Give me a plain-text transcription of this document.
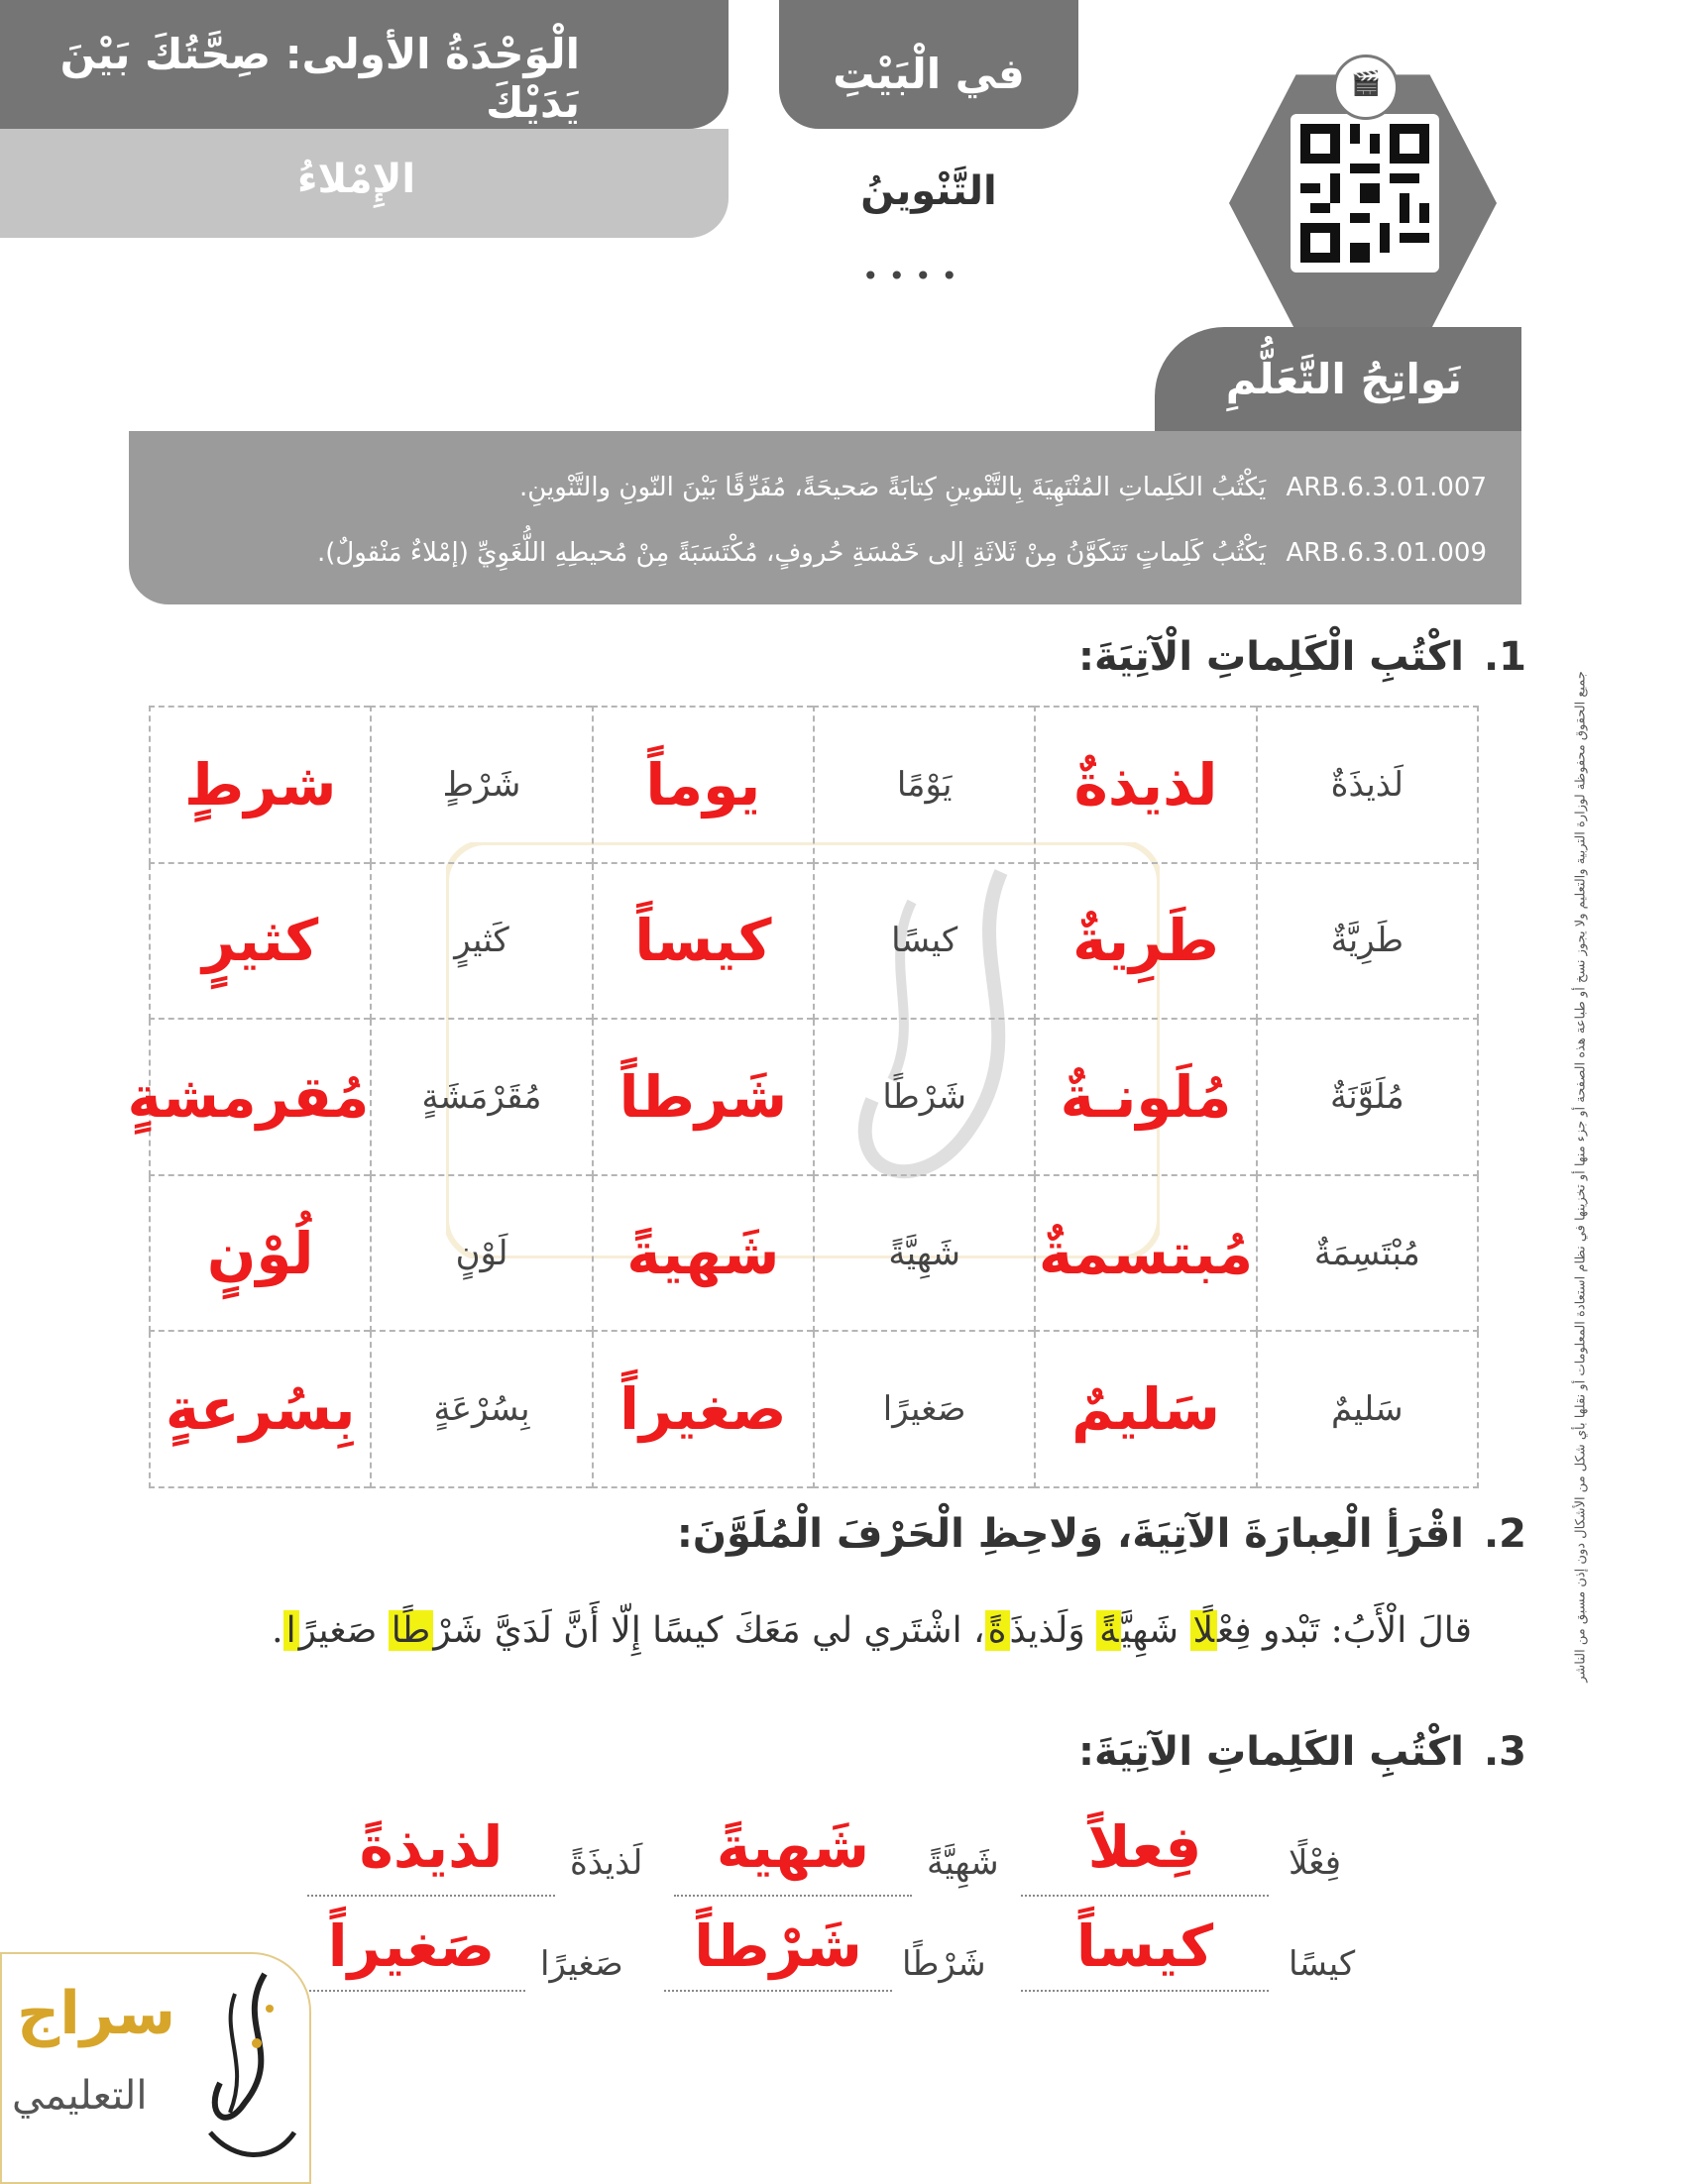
الْوَحْدَةُ الأولى: صِحَّتُكَ بَيْنَ يَدَيْكَ
الإِمْلاءُ
في الْبَيْتِ
التَّنْوينُ
••••
🎬
نَواتِجُ التَّعَلُّمِ
ARB.6.3.01.007 يَكْتُبُ الكَلِماتِ المُنْتَهِيَةَ بِالتَّنْوينِ كِتابَةً صَحيحَةً، مُفَرِّقًا بَيْنَ النّونِ والتَّنْوينِ.
ARB.6.3.01.009 يَكْتُبُ كَلِماتٍ تَتَكَوَّنُ مِنْ ثَلاثَةِ إلى خَمْسَةِ حُروفٍ، مُكْتَسَبَةً مِنْ مُحيطِهِ اللُّغَوِيِّ (إمْلاءٌ مَنْقولٌ).
1.اكْتُبِ الْكَلِماتِ الْآتِيَةَ:
لَذيذَةٌ	لذيذةٌ	يَوْمًا	يوماً	شَرْطٍ	شرطٍ
طَرِيَّةٌ	طَرِيةٌ	كيسًا	كيساً	كَثيرٍ	كثيرٍ
مُلَوَّنَةٌ	مُلَونـةٌ	شَرْطًا	شَرطاً	مُقَرْمَشَةٍ	مُقرمشةٍ
مُبْتَسِمَةٌ	مُبتسمةٌ	شَهِيَّةً	شَهيةً	لَوْنٍ	لُوْنٍ
سَليمٌ	سَليمٌ	صَغيرًا	صغيراً	بِسُرْعَةٍ	بِسُرعةٍ
2.اقْرَأِ الْعِبارَةَ الآتِيَةَ، وَلاحِظِ الْحَرْفَ الْمُلَوَّنَ:
قالَ الْأَبُ: تَبْدو فِعْلًا شَهِيَّةً وَلَذيذَةً، اشْتَري لي مَعَكَ كيسًا إِلّا أَنَّ لَدَيَّ شَرْطًا صَغيرًا.
3.اكْتُبِ الكَلِماتِ الآتِيَةَ:
فِعْلًا
فِعلاً
شَهِيَّةً
شَهيةً
لَذيذَةً
لذيذةً
كيسًا
كيساً
شَرْطًا
شَرْطاً
صَغيرًا
صَغيراً
جميع الحقوق محفوظة لوزارة التربية والتعليم ولا يجوز نسخ أو طباعة هذه الصفحة أو جزء منها أو تخزينها في نظام استعادة المعلومات أو نقلها بأي شكل من الأشكال دون إذن مسبق من الناشر
سراج
التعليمي
